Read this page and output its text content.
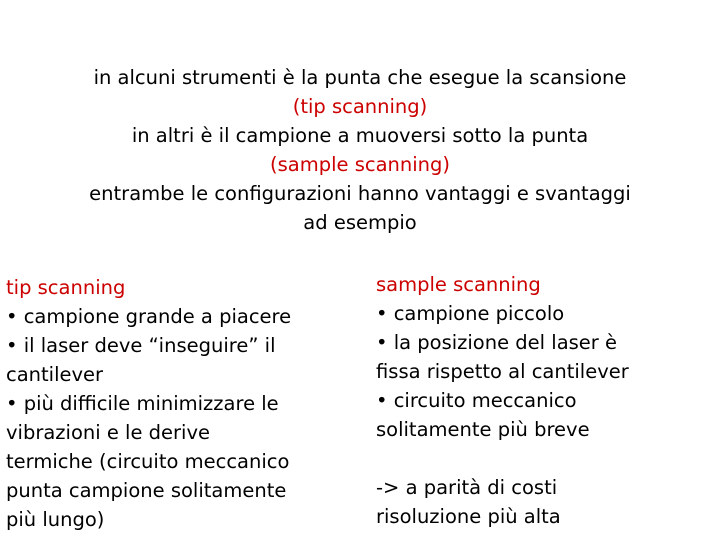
in alcuni strumenti è la punta che esegue la scansione
(tip scanning)
in altri è il campione a muoversi sotto la punta
(sample scanning)
entrambe le configurazioni hanno vantaggi e svantaggi
ad esempio
tip scanning
• campione grande a piacere
• il laser deve “inseguire” il
cantilever
• più difficile minimizzare le
vibrazioni e le derive
termiche (circuito meccanico
punta campione solitamente
più lungo)
sample scanning
• campione piccolo
• la posizione del laser è
fissa rispetto al cantilever
• circuito meccanico
solitamente più breve
-> a parità di costi
risoluzione più alta
